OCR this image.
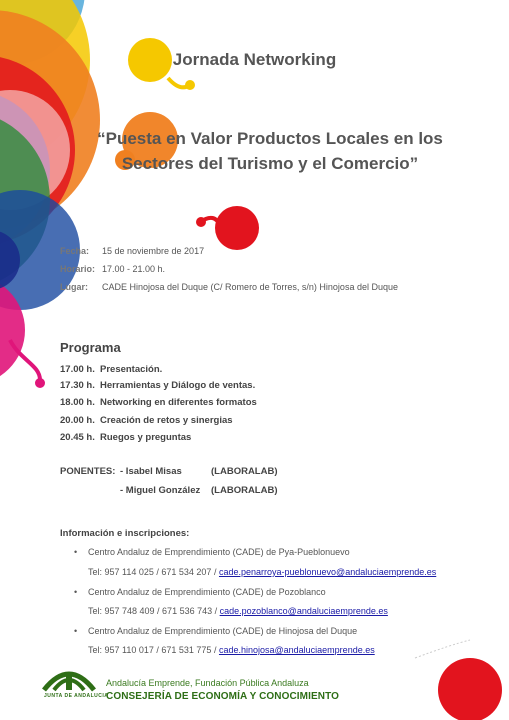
Jornada Networking
“Puesta en Valor Productos Locales en los
Sectores del Turismo y el Comercio”
Fecha: 15 de noviembre de 2017
Horario: 17.00 - 21.00 h.
Lugar: CADE Hinojosa del Duque (C/ Romero de Torres, s/n) Hinojosa del Duque
Programa
17.00 h. Presentación.
17.30 h. Herramientas y Diálogo de ventas.
18.00 h. Networking en diferentes formatos
20.00 h. Creación de retos y sinergias
20.45 h. Ruegos y preguntas
PONENTES: - Isabel Misas	(LABORALAB)
- Miguel González (LABORALAB)
Información e inscripciones:
• Centro Andaluz de Emprendimiento (CADE) de Pya-Pueblonuevo
Tel: 957 114 025 / 671 534 207 / cade.penarroya-pueblonuevo@andaluciaemprende.es
• Centro Andaluz de Emprendimiento (CADE) de Pozoblanco
Tel: 957 748 409 / 671 536 743 / cade.pozoblanco@andaluciaemprende.es
• Centro Andaluz de Emprendimiento (CADE) de Hinojosa del Duque
Tel: 957 110 017 / 671 531 775 / cade.hinojosa@andaluciaemprende.es
JUNTA DE ANDALUCIA
Andalucía Emprende, Fundación Pública Andaluza
CONSEJERÍA DE ECONOMÍA Y CONOCIMIENTO
